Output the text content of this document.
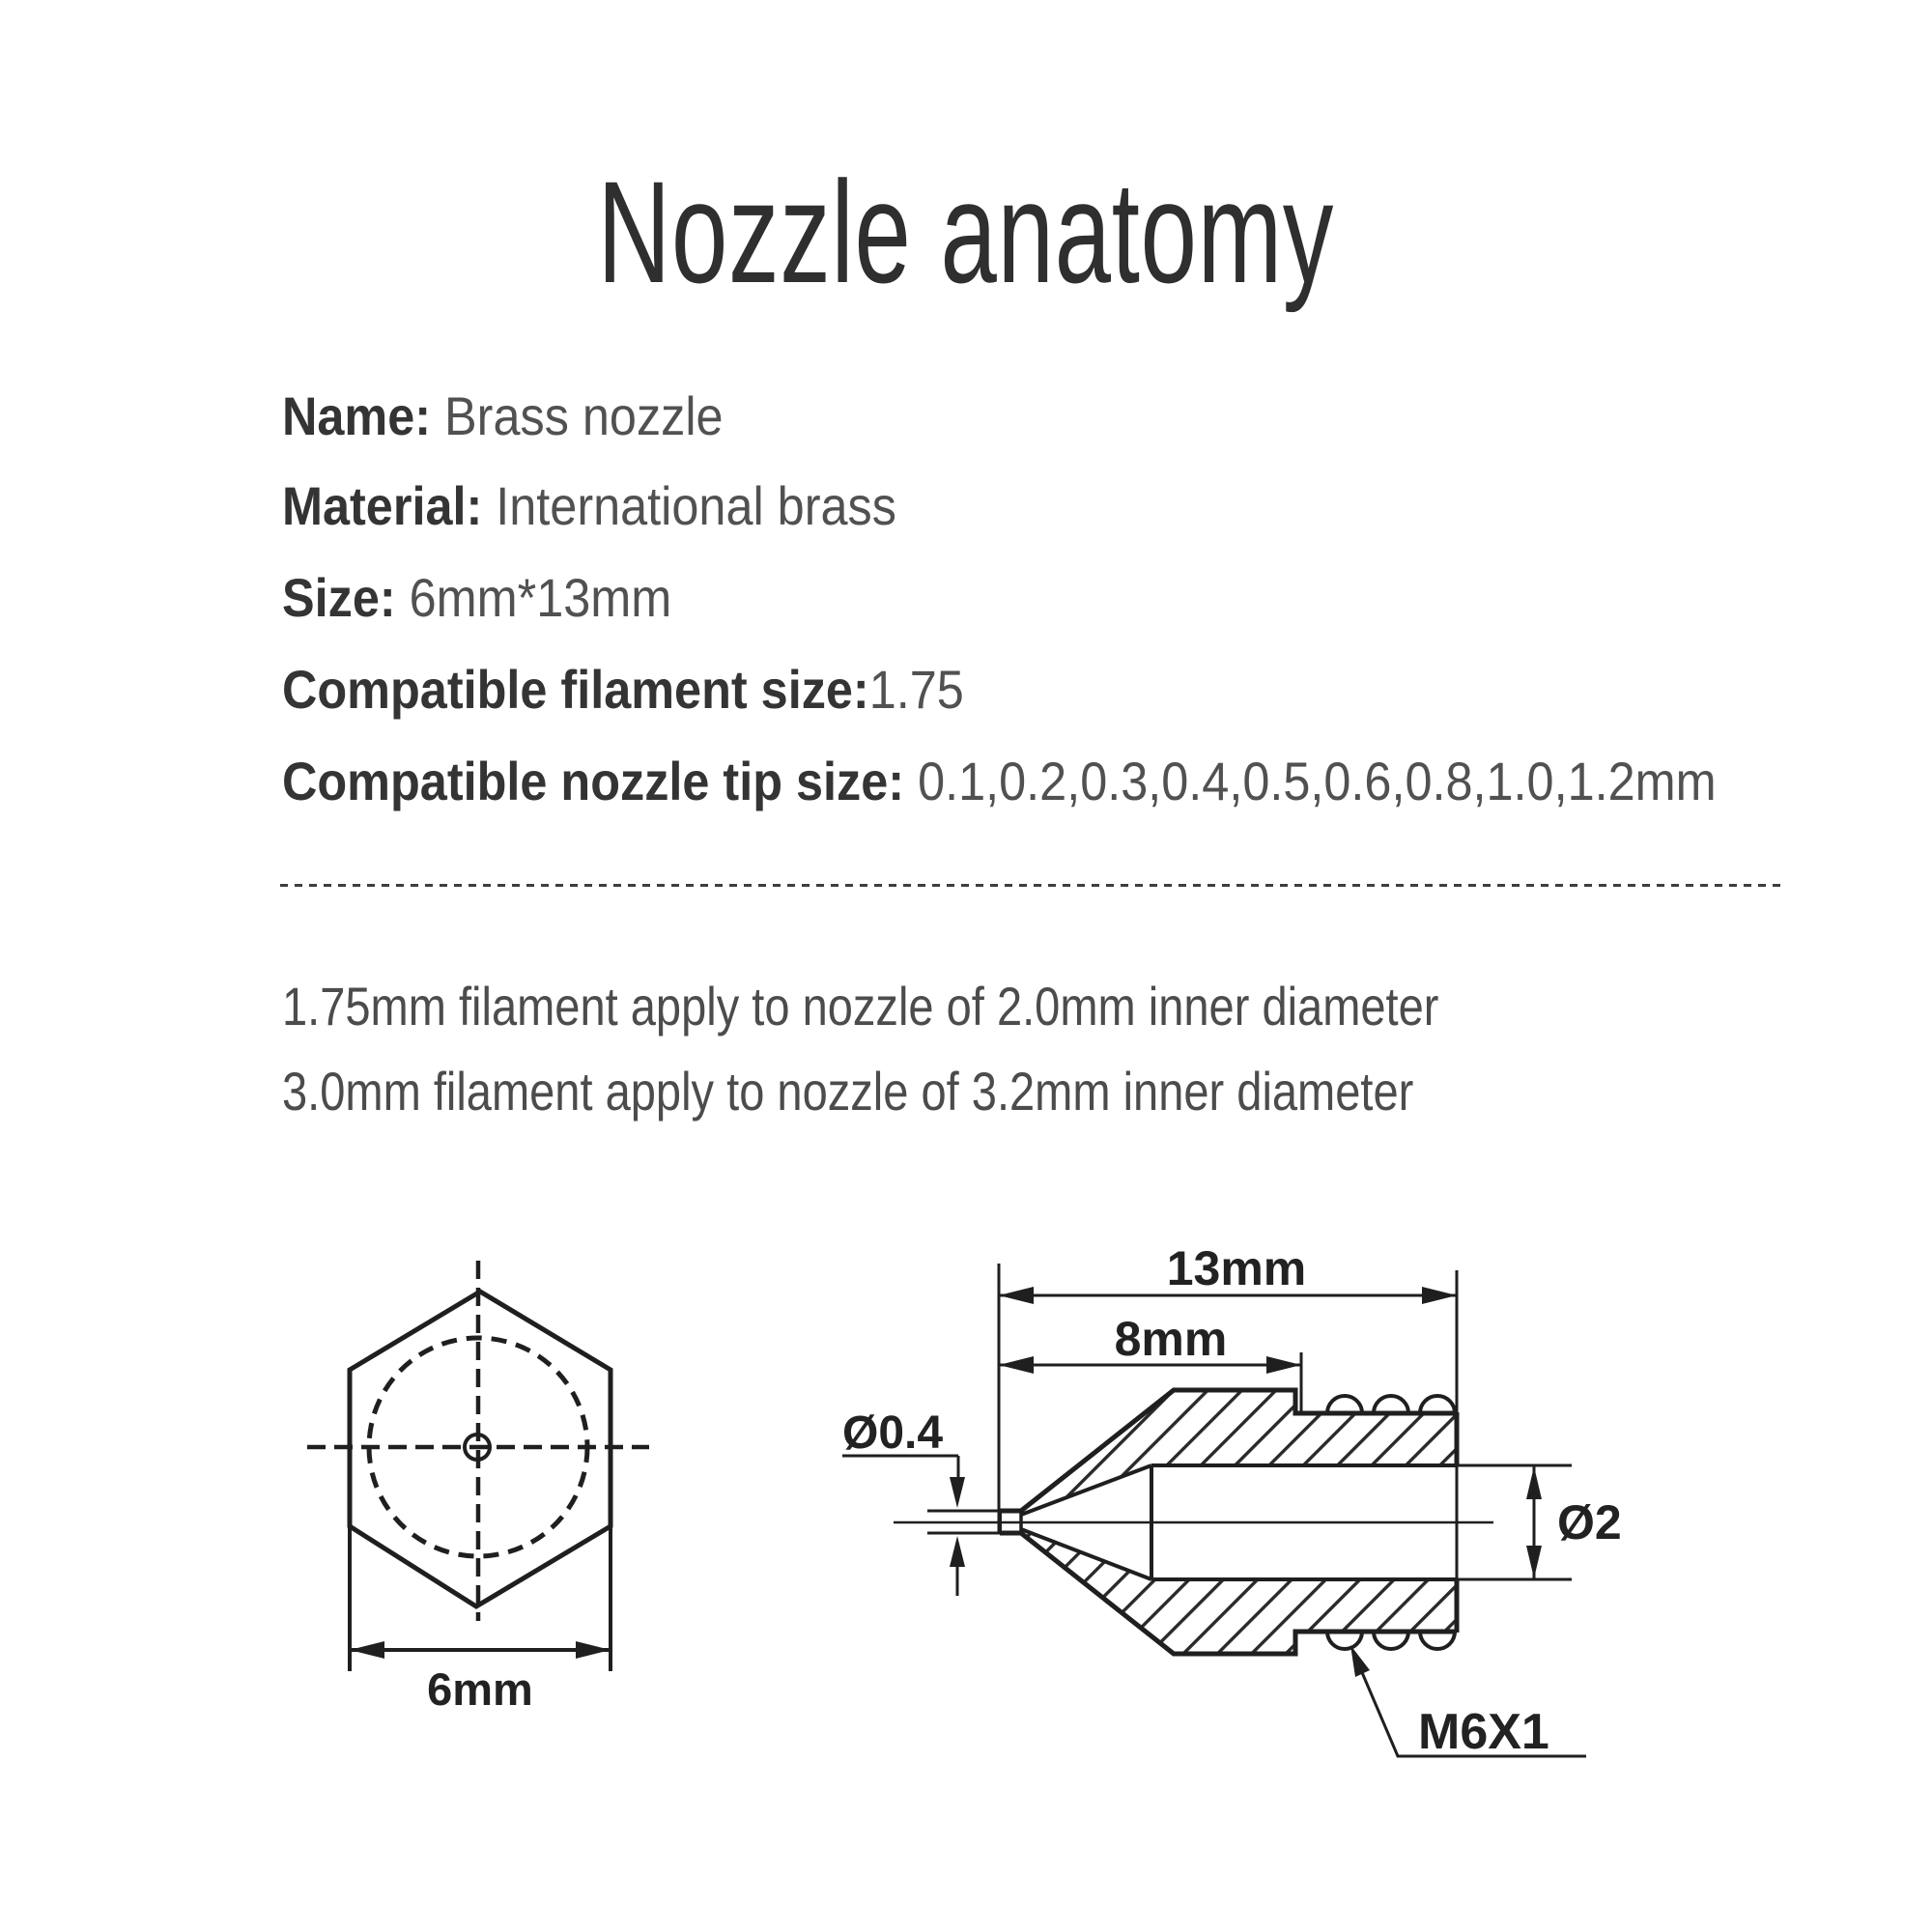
Nozzle anatomy
Name: Brass nozzle
Material: International brass
Size: 6mm*13mm
Compatible filament size:1.75
Compatible nozzle tip size: 0.1,0.2,0.3,0.4,0.5,0.6,0.8,1.0,1.2mm
1.75mm filament apply to nozzle of 2.0mm inner diameter
3.0mm filament apply to nozzle of 3.2mm inner diameter
6mm
13mm
8mm
Ø0.4
Ø2
M6X1
